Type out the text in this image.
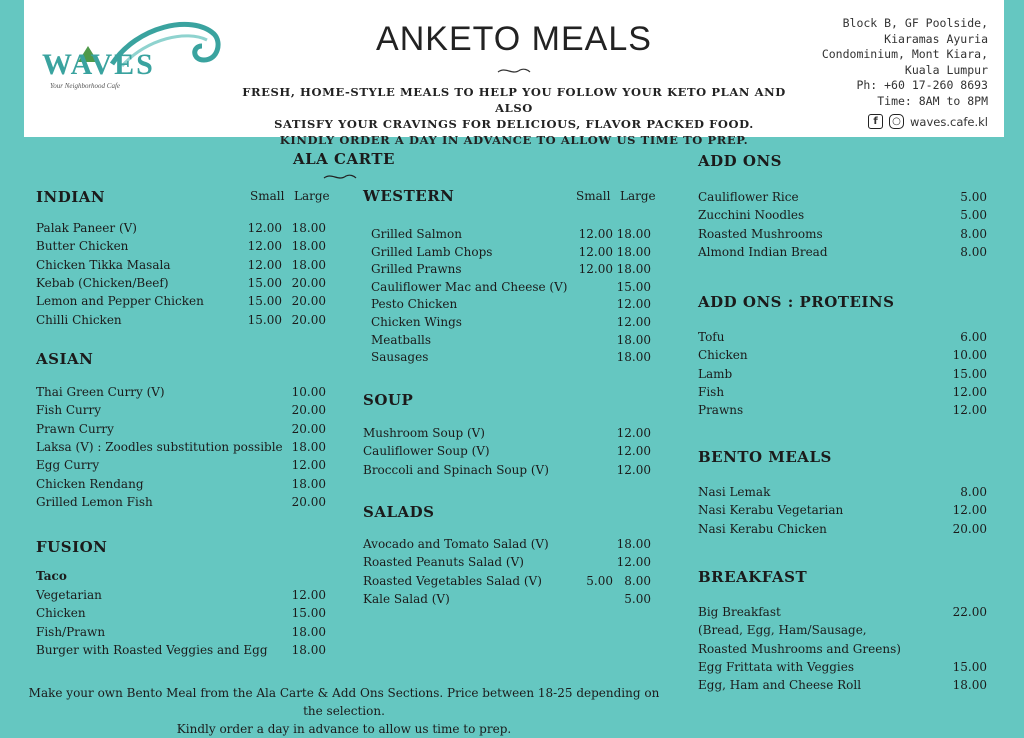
WAVES
Your Neighborhood Cafe
ANKETO MEALS
FRESH, HOME-STYLE MEALS TO HELP YOU FOLLOW YOUR KETO PLAN AND ALSO
SATISFY YOUR CRAVINGS FOR DELICIOUS, FLAVOR PACKED FOOD.
KINDLY ORDER A DAY IN ADVANCE TO ALLOW US TIME TO PREP.
Block B, GF Poolside,
Kiaramas Ayuria
Condominium, Mont Kiara,
Kuala Lumpur
Ph: +60 17-260 8693
Time: 8AM to 8PM
f	○ waves.cafe.kl
ALA CARTE
INDIAN	Small Large
ASIAN
FUSION
Taco
WESTERN	Small Large
SOUP
SALADS
ADD ONS
ADD ONS : PROTEINS
BENTO MEALS
BREAKFAST
Palak Paneer (V)	12.00 18.00
Butter Chicken	12.00 18.00
Chicken Tikka Masala	12.00 18.00
Kebab (Chicken/Beef)	15.00 20.00
Lemon and Pepper Chicken	15.00 20.00
Chilli Chicken	15.00 20.00
Thai Green Curry (V)	10.00
Fish Curry	20.00
Prawn Curry	20.00
Laksa (V) : Zoodles substitution possible 18.00
Egg Curry	12.00
Chicken Rendang	18.00
Grilled Lemon Fish	20.00
Vegetarian	12.00
Chicken	15.00
Fish/Prawn	18.00
Burger with Roasted Veggies and Egg 18.00
Grilled Salmon	12.00 18.00
Grilled Lamb Chops	12.00 18.00
Grilled Prawns	12.00 18.00
Cauliflower Mac and Cheese (V)	15.00
Pesto Chicken	12.00
Chicken Wings	12.00
Meatballs	18.00
Sausages	18.00
Mushroom Soup (V)	12.00
Cauliflower Soup (V)	12.00
Broccoli and Spinach Soup (V)	12.00
Avocado and Tomato Salad (V)	18.00
Roasted Peanuts Salad (V)	12.00
Roasted Vegetables Salad (V)	5.00 8.00
Kale Salad (V)	5.00
Cauliflower Rice	5.00
Zucchini Noodles	5.00
Roasted Mushrooms	8.00
Almond Indian Bread	8.00
Tofu	6.00
Chicken	10.00
Lamb	15.00
Fish	12.00
Prawns	12.00
Nasi Lemak	8.00
Nasi Kerabu Vegetarian	12.00
Nasi Kerabu Chicken	20.00
Big Breakfast	22.00
(Bread, Egg, Ham/Sausage,
Roasted Mushrooms and Greens)
Egg Frittata with Veggies	15.00
Egg, Ham and Cheese Roll	18.00
Make your own Bento Meal from the Ala Carte & Add Ons Sections. Price between 18-25 depending on the selection.
Kindly order a day in advance to allow us time to prep.
